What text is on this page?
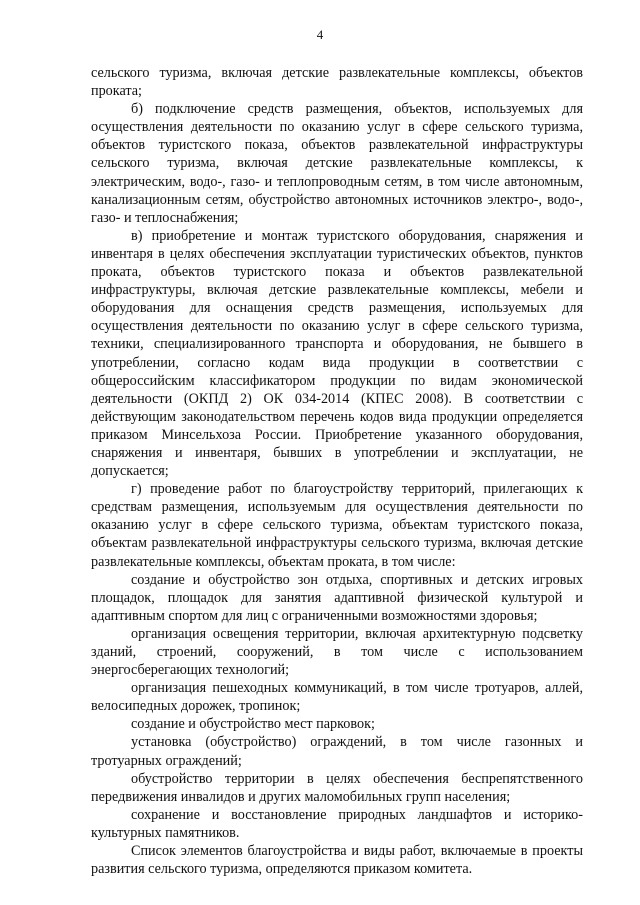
4

сельского туризма, включая детские развлекательные комплексы, объектов проката;

б) подключение средств размещения, объектов, используемых для осуществления деятельности по оказанию услуг в сфере сельского туризма, объектов туристского показа, объектов развлекательной инфраструктуры сельского туризма, включая детские развлекательные комплексы, к электрическим, водо-, газо- и теплопроводным сетям, в том числе автономным, канализационным сетям, обустройство автономных источников электро-, водо-, газо- и теплоснабжения;

в) приобретение и монтаж туристского оборудования, снаряжения и инвентаря в целях обеспечения эксплуатации туристических объектов, пунктов проката, объектов туристского показа и объектов развлекательной инфраструктуры, включая детские развлекательные комплексы, мебели и оборудования для оснащения средств размещения, используемых для осуществления деятельности по оказанию услуг в сфере сельского туризма, техники, специализированного транспорта и оборудования, не бывшего в употреблении, согласно кодам вида продукции в соответствии с общероссийским классификатором продукции по видам экономической деятельности (ОКПД 2) ОК 034-2014 (КПЕС 2008). В соответствии с действующим законодательством перечень кодов вида продукции определяется приказом Минсельхоза России. Приобретение указанного оборудования, снаряжения и инвентаря, бывших в употреблении и эксплуатации, не допускается;

г) проведение работ по благоустройству территорий, прилегающих к средствам размещения, используемым для осуществления деятельности по оказанию услуг в сфере сельского туризма, объектам туристского показа, объектам развлекательной инфраструктуры сельского туризма, включая детские развлекательные комплексы, объектам проката, в том числе:

создание и обустройство зон отдыха, спортивных и детских игровых площадок, площадок для занятия адаптивной физической культурой и адаптивным спортом для лиц с ограниченными возможностями здоровья;

организация освещения территории, включая архитектурную подсветку зданий, строений, сооружений, в том числе с использованием энергосберегающих технологий;

организация пешеходных коммуникаций, в том числе тротуаров, аллей, велосипедных дорожек, тропинок;

создание и обустройство мест парковок;

установка (обустройство) ограждений, в том числе газонных и тротуарных ограждений;

обустройство территории в целях обеспечения беспрепятственного передвижения инвалидов и других маломобильных групп населения;

сохранение и восстановление природных ландшафтов и историко-культурных памятников.

Список элементов благоустройства и виды работ, включаемые в проекты развития сельского туризма, определяются приказом комитета.
